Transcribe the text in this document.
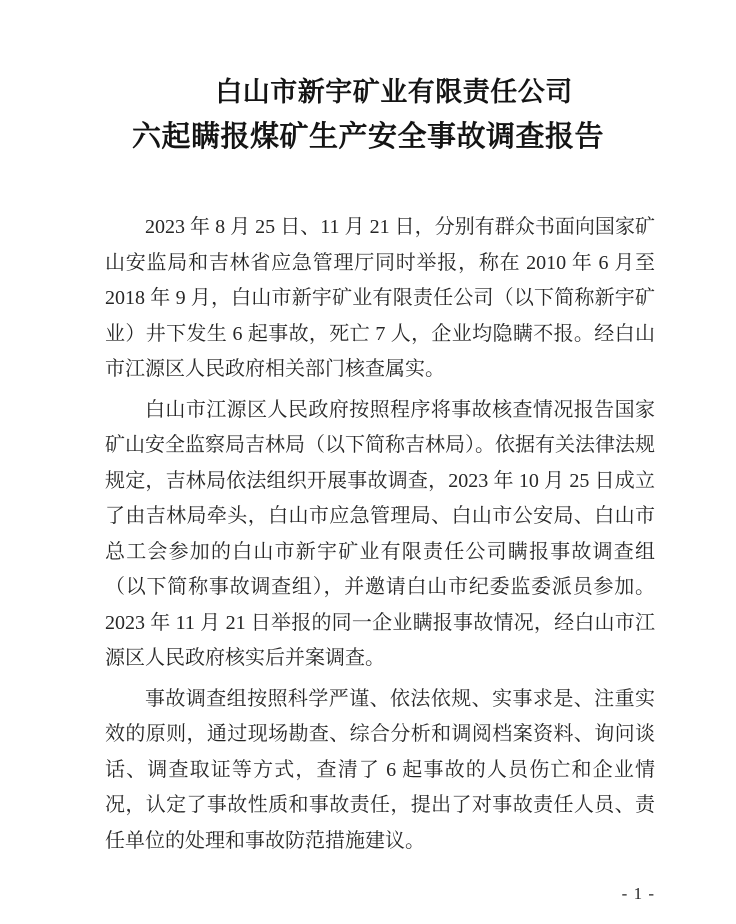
白山市新宇矿业有限责任公司
六起瞒报煤矿生产安全事故调查报告

2023 年 8 月 25 日、11 月 21 日，分别有群众书面向国家矿山安监局和吉林省应急管理厅同时举报，称在 2010 年 6 月至 2018 年 9 月，白山市新宇矿业有限责任公司（以下简称新宇矿业）井下发生 6 起事故，死亡 7 人，企业均隐瞒不报。经白山市江源区人民政府相关部门核查属实。

白山市江源区人民政府按照程序将事故核查情况报告国家矿山安全监察局吉林局（以下简称吉林局）。依据有关法律法规规定，吉林局依法组织开展事故调查，2023 年 10 月 25 日成立了由吉林局牵头，白山市应急管理局、白山市公安局、白山市总工会参加的白山市新宇矿业有限责任公司瞒报事故调查组（以下简称事故调查组），并邀请白山市纪委监委派员参加。2023 年 11 月 21 日举报的同一企业瞒报事故情况，经白山市江源区人民政府核实后并案调查。

事故调查组按照科学严谨、依法依规、实事求是、注重实效的原则，通过现场勘查、综合分析和调阅档案资料、询问谈话、调查取证等方式，查清了 6 起事故的人员伤亡和企业情况，认定了事故性质和事故责任，提出了对事故责任人员、责任单位的处理和事故防范措施建议。

- 1 -
